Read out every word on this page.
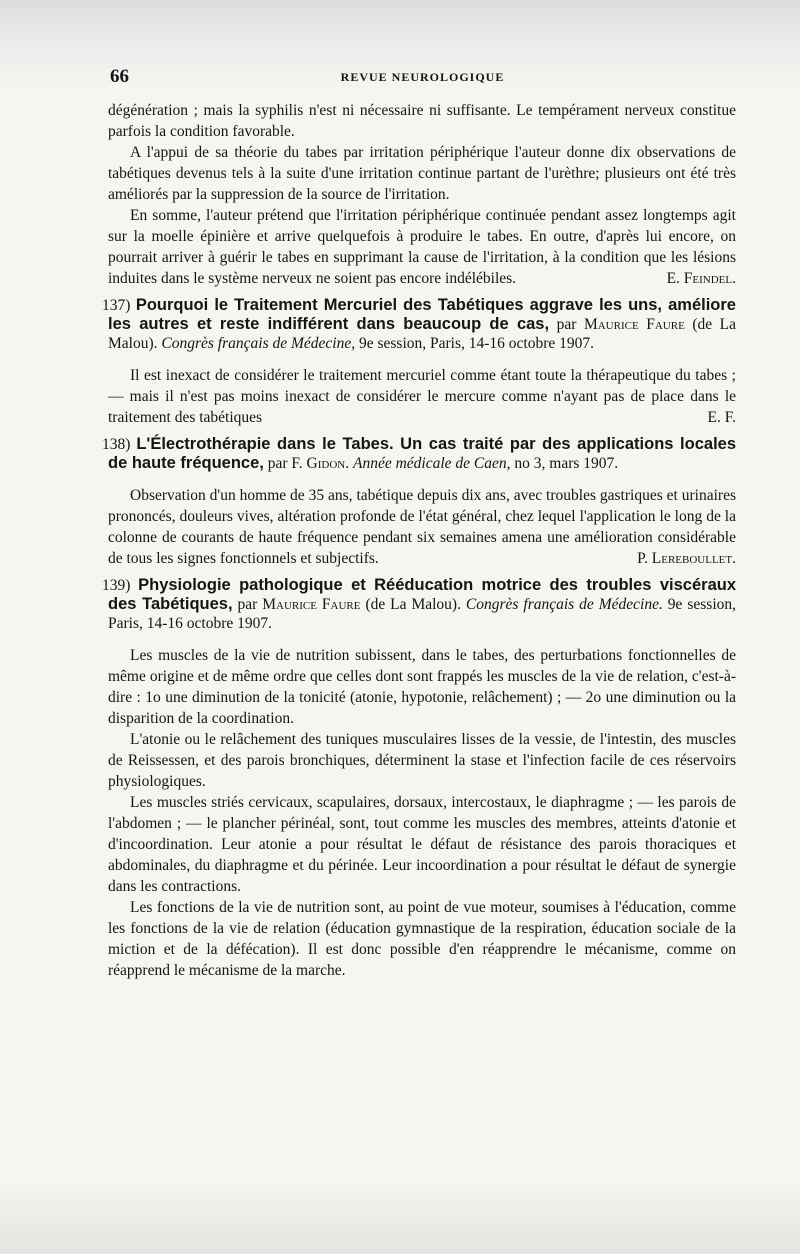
66	REVUE NEUROLOGIQUE

dégénération ; mais la syphilis n'est ni nécessaire ni suffisante. Le tempérament nerveux constitue parfois la condition favorable.

A l'appui de sa théorie du tabes par irritation périphérique l'auteur donne dix observations de tabétiques devenus tels à la suite d'une irritation continue partant de l'urèthre; plusieurs ont été très améliorés par la suppression de la source de l'irritation.

En somme, l'auteur prétend que l'irritation périphérique continuée pendant assez longtemps agit sur la moelle épinière et arrive quelquefois à produire le tabes. En outre, d'après lui encore, on pourrait arriver à guérir le tabes en supprimant la cause de l'irritation, à la condition que les lésions induites dans le système nerveux ne soient pas encore indélébiles.	E. Feindel.

137) Pourquoi le Traitement Mercuriel des Tabétiques aggrave les uns, améliore les autres et reste indifférent dans beaucoup de cas, par Maurice Faure (de La Malou). Congrès français de Médecine, 9e session, Paris, 14-16 octobre 1907.

Il est inexact de considérer le traitement mercuriel comme étant toute la thérapeutique du tabes ; — mais il n'est pas moins inexact de considérer le mercure comme n'ayant pas de place dans le traitement des tabétiques	E. F.

138) L'Électrothérapie dans le Tabes. Un cas traité par des applications locales de haute fréquence, par F. Gidon. Année médicale de Caen, no 3, mars 1907.

Observation d'un homme de 35 ans, tabétique depuis dix ans, avec troubles gastriques et urinaires prononcés, douleurs vives, altération profonde de l'état général, chez lequel l'application le long de la colonne de courants de haute fréquence pendant six semaines amena une amélioration considérable de tous les signes fonctionnels et subjectifs.	P. Lereboullet.

139) Physiologie pathologique et Rééducation motrice des troubles viscéraux des Tabétiques, par Maurice Faure (de La Malou). Congrès français de Médecine. 9e session, Paris, 14-16 octobre 1907.

Les muscles de la vie de nutrition subissent, dans le tabes, des perturbations fonctionnelles de même origine et de même ordre que celles dont sont frappés les muscles de la vie de relation, c'est-à-dire : 1o une diminution de la tonicité (atonie, hypotonie, relâchement) ; — 2o une diminution ou la disparition de la coordination.

L'atonie ou le relâchement des tuniques musculaires lisses de la vessie, de l'intestin, des muscles de Reissessen, et des parois bronchiques, déterminent la stase et l'infection facile de ces réservoirs physiologiques.

Les muscles striés cervicaux, scapulaires, dorsaux, intercostaux, le diaphragme ; — les parois de l'abdomen ; — le plancher périnéal, sont, tout comme les muscles des membres, atteints d'atonie et d'incoordination. Leur atonie a pour résultat le défaut de résistance des parois thoraciques et abdominales, du diaphragme et du périnée. Leur incoordination a pour résultat le défaut de synergie dans les contractions.

Les fonctions de la vie de nutrition sont, au point de vue moteur, soumises à l'éducation, comme les fonctions de la vie de relation (éducation gymnastique de la respiration, éducation sociale de la miction et de la défécation). Il est donc possible d'en réapprendre le mécanisme, comme on réapprend le mécanisme de la marche.
